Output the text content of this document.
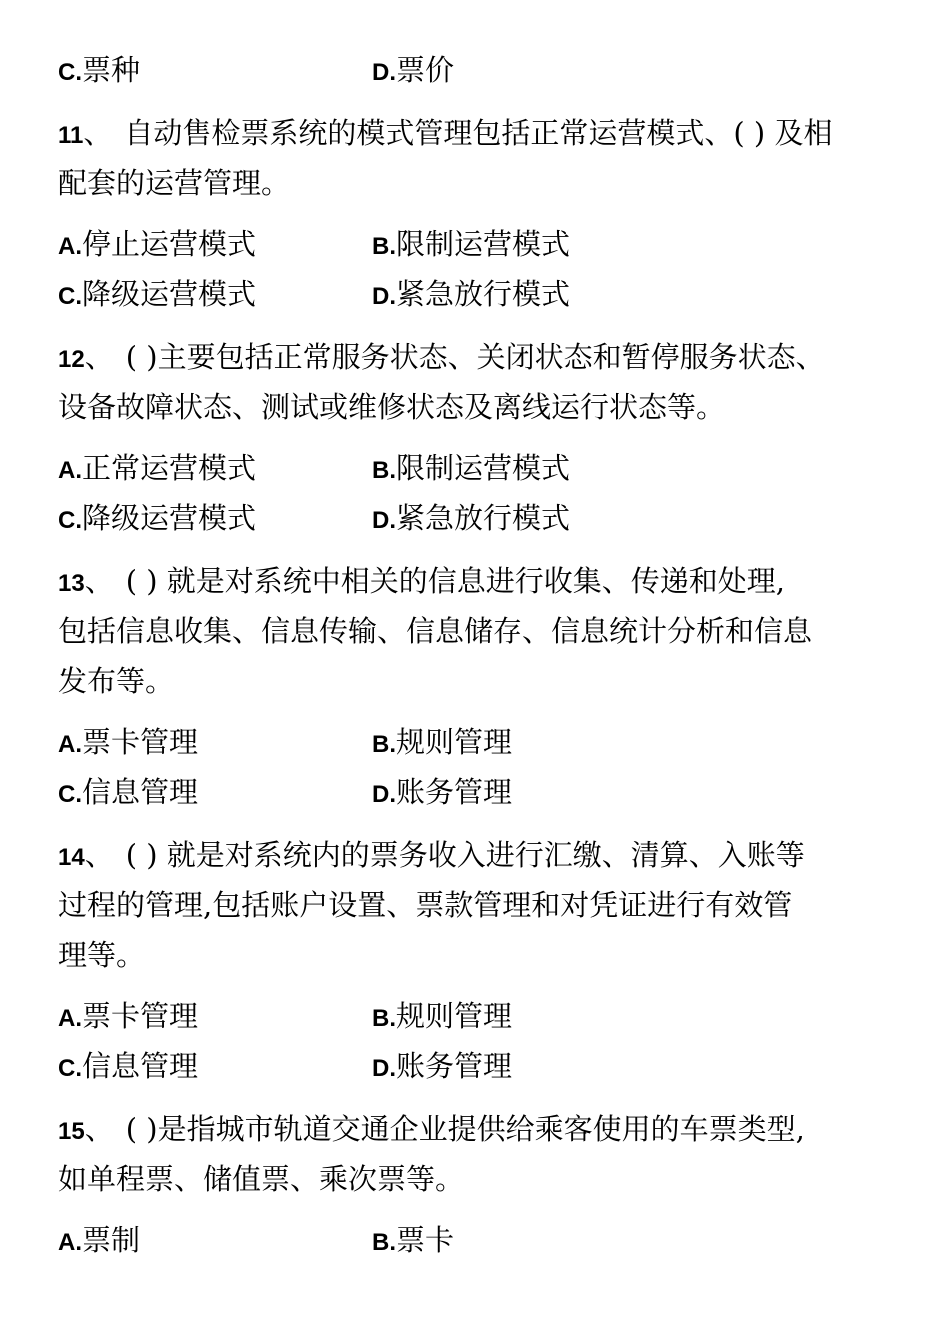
C.票种	D.票价
11、 自动售检票系统的模式管理包括正常运营模式、( ) 及相
配套的运营管理。
A.停止运营模式	B.限制运营模式
C.降级运营模式	D.紧急放行模式
12、 ( )主要包括正常服务状态、关闭状态和暂停服务状态、
设备故障状态、测试或维修状态及离线运行状态等。
A.正常运营模式	B.限制运营模式
C.降级运营模式	D.紧急放行模式
13、 ( ) 就是对系统中相关的信息进行收集、传递和处理,
包括信息收集、信息传输、信息储存、信息统计分析和信息
发布等。
A.票卡管理	B.规则管理
C.信息管理	D.账务管理
14、 ( ) 就是对系统内的票务收入进行汇缴、清算、入账等
过程的管理,包括账户设置、票款管理和对凭证进行有效管
理等。
A.票卡管理	B.规则管理
C.信息管理	D.账务管理
15、 ( )是指城市轨道交通企业提供给乘客使用的车票类型,
如单程票、储值票、乘次票等。
A.票制	B.票卡
